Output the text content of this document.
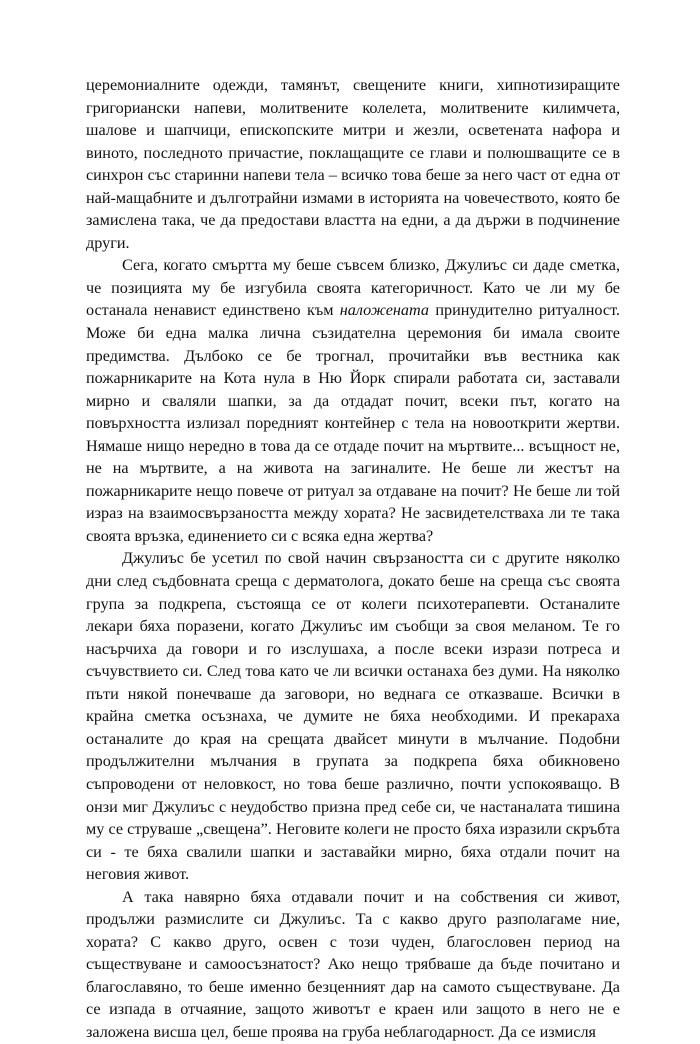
церемониалните одежди, тамянът, свещените книги, хипнотизиращите григориански напеви, молитвените колелета, молитвените килимчета, шалове и шапчици, епископските митри и жезли, осветената нафора и виното, последното причастие, поклащащите се глави и полюшващите се в синхрон със старинни напеви тела – всичко това беше за него част от една от най-мащабните и дълготрайни измами в историята на човечеството, която бе замислена така, че да предостави властта на едни, а да държи в подчинение други.

Сега, когато смъртта му беше съвсем близко, Джулиъс си даде сметка, че позицията му бе изгубила своята категоричност. Като че ли му бе останала ненавист единствено към наложената принудително ритуалност. Може би една малка лична съзидателна церемония би имала своите предимства. Дълбоко се бе трогнал, прочитайки във вестника как пожарникарите на Кота нула в Ню Йорк спирали работата си, заставали мирно и сваляли шапки, за да отдадат почит, всеки път, когато на повърхността излизал поредният контейнер с тела на новооткрити жертви. Нямаше нищо нередно в това да се отдаде почит на мъртвите... всъщност не, не на мъртвите, а на живота на загиналите. Не беше ли жестът на пожарникарите нещо повече от ритуал за отдаване на почит? Не беше ли той израз на взаимосвързаността между хората? Не засвидетелстваха ли те така своята връзка, единението си с всяка една жертва?

Джулиъс бе усетил по свой начин свързаността си с другите няколко дни след съдбовната среща с дерматолога, докато беше на среща със своята група за подкрепа, състояща се от колеги психотерапевти. Останалите лекари бяха поразени, когато Джулиъс им съобщи за своя меланом. Те го насърчиха да говори и го изслушаха, а после всеки изрази потреса и съчувствието си. След това като че ли всички останаха без думи. На няколко пъти някой понечваше да заговори, но веднага се отказваше. Всички в крайна сметка осъзнаха, че думите не бяха необходими. И прекараха останалите до края на срещата двайсет минути в мълчание. Подобни продължителни мълчания в групата за подкрепа бяха обикновено съпроводени от неловкост, но това беше различно, почти успокояващо. В онзи миг Джулиъс с неудобство призна пред себе си, че настаналата тишина му се струваше „свещена”. Неговите колеги не просто бяха изразили скръбта си - те бяха свалили шапки и заставайки мирно, бяха отдали почит на неговия живот.

А така навярно бяха отдавали почит и на собствения си живот, продължи размислите си Джулиъс. Та с какво друго разполагаме ние, хората? С какво друго, освен с този чуден, благословен период на съществуване и самоосъзнатост? Ако нещо трябваше да бъде почитано и благославяно, то беше именно безценният дар на самото съществуване. Да се изпада в отчаяние, защото животът е краен или защото в него не е заложена висша цел, беше проява на груба неблагодарност. Да се измисля
